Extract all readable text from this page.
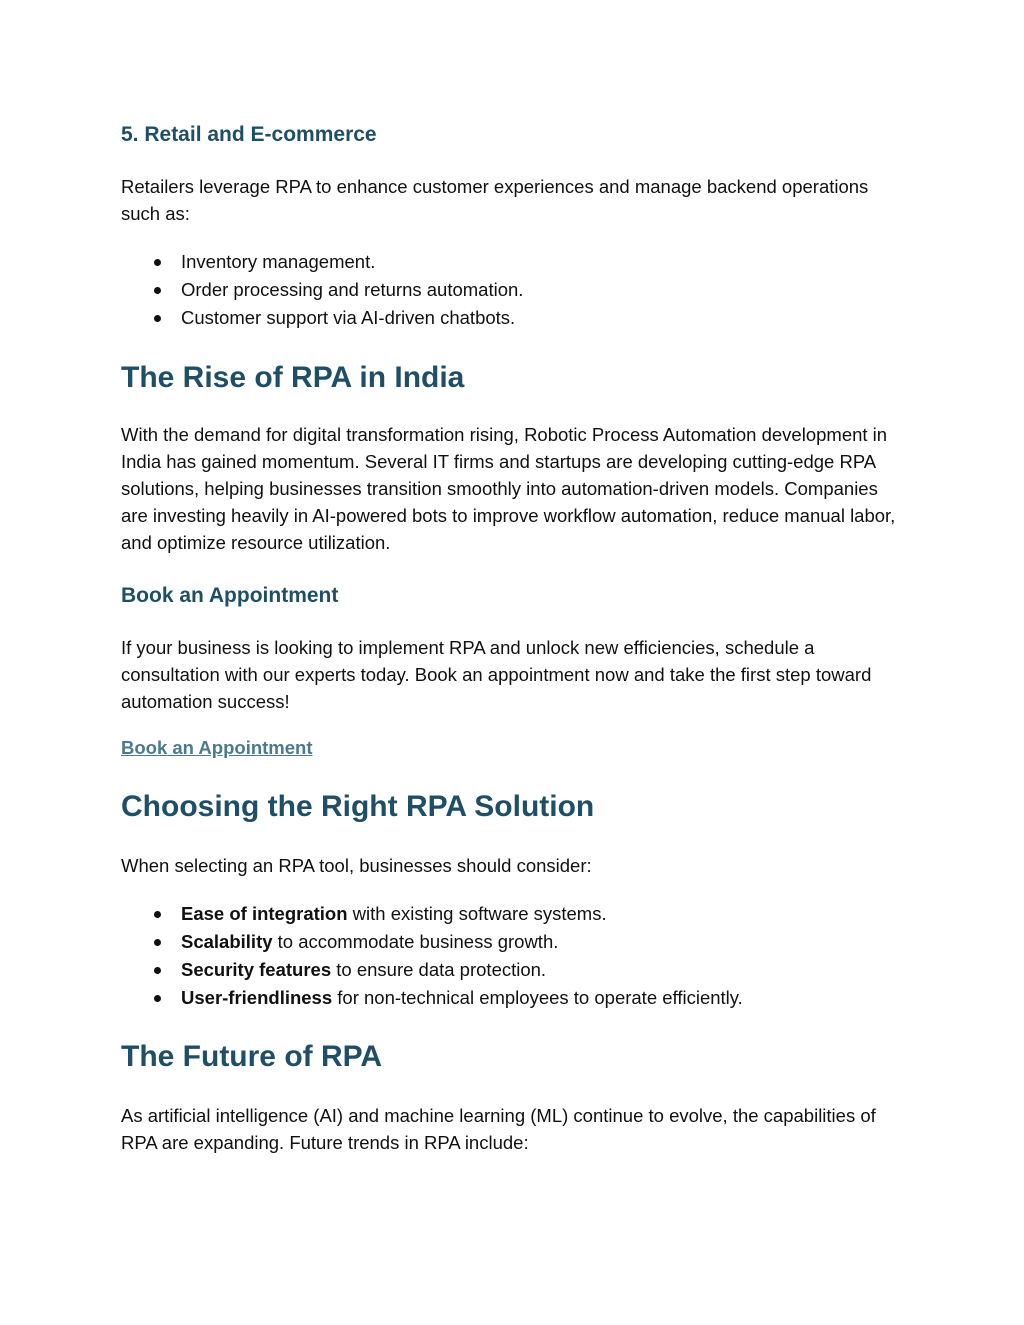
5. Retail and E-commerce

Retailers leverage RPA to enhance customer experiences and manage backend operations such as:

Inventory management.
Order processing and returns automation.
Customer support via AI-driven chatbots.
The Rise of RPA in India

With the demand for digital transformation rising, Robotic Process Automation development in India has gained momentum. Several IT firms and startups are developing cutting-edge RPA solutions, helping businesses transition smoothly into automation-driven models. Companies are investing heavily in AI-powered bots to improve workflow automation, reduce manual labor, and optimize resource utilization.

Book an Appointment

If your business is looking to implement RPA and unlock new efficiencies, schedule a consultation with our experts today. Book an appointment now and take the first step toward automation success!

Book an Appointment
Choosing the Right RPA Solution

When selecting an RPA tool, businesses should consider:

Ease of integration with existing software systems.
Scalability to accommodate business growth.
Security features to ensure data protection.
User-friendliness for non-technical employees to operate efficiently.
The Future of RPA

As artificial intelligence (AI) and machine learning (ML) continue to evolve, the capabilities of RPA are expanding. Future trends in RPA include:
